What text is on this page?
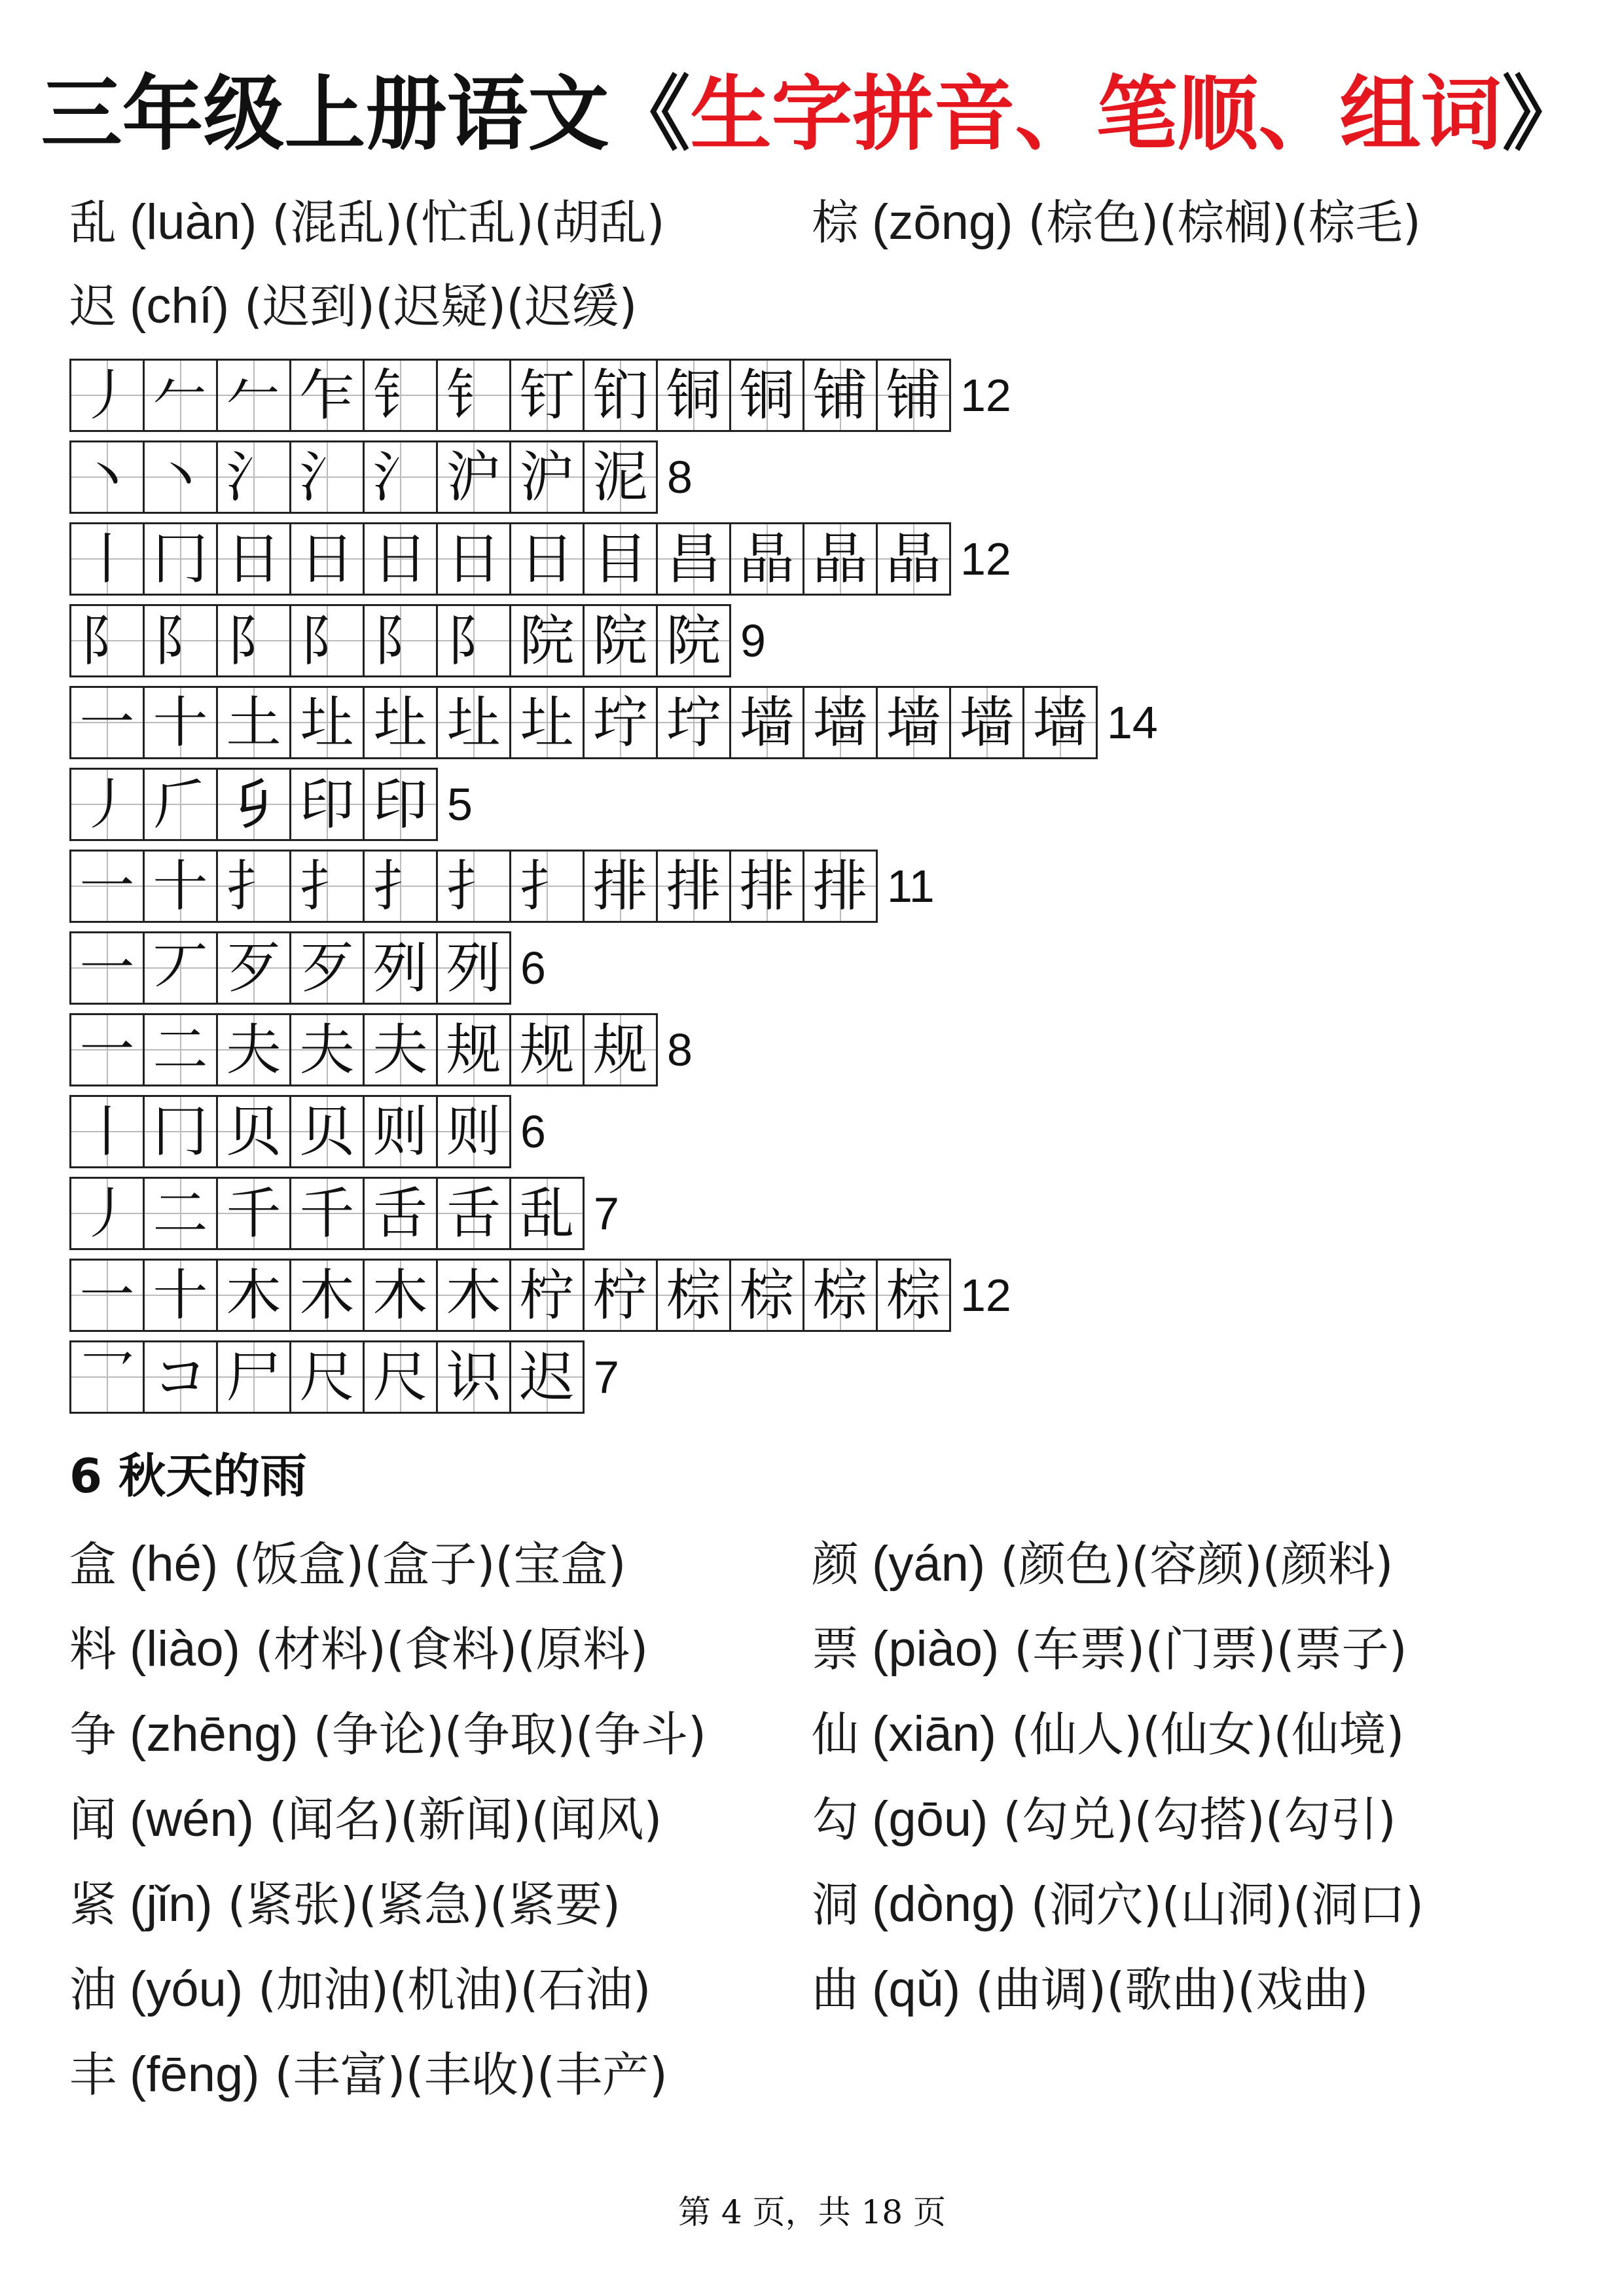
三年级上册语文《生字拼音、笔顺、组词》
乱 (luàn) (混乱)(忙乱)(胡乱)	棕 (zōng) (棕色)(棕榈)(棕毛)
迟 (chí) (迟到)(迟疑)(迟缓)
丿 𠂉 𠂉 乍 钅 钅 钉 钔 铜 铜 铺 铺 12
丶 丶 氵 氵 氵 沪 沪 泥 8
丨 冂 日 日 日 日 日 目 昌 晶 晶 晶 12
阝 阝 阝 阝 阝 阝 院 院 院 9
一 十 土 圵 圵 圵 圵 坾 坾 墙 墙 墙 墙 墙 14
丿 𠂆 𠂎 印 印 5
一 十 扌 扌 扌 扌 扌 排 排 排 排 11
一 丆 歹 歹 列 列 6
一 二 夫 夫 夫 规 规 规 8
丨 冂 贝 贝 则 则 6
丿 二 千 千 舌 舌 乱 7
一 十 木 木 木 木 柠 柠 棕 棕 棕 棕 12
乛 コ 尸 尺 尺 识 迟 7
6 秋天的雨
盒 (hé) (饭盒)(盒子)(宝盒)	颜 (yán) (颜色)(容颜)(颜料)
料 (liào) (材料)(食料)(原料)	票 (piào) (车票)(门票)(票子)
争 (zhēng) (争论)(争取)(争斗) 仙 (xiān) (仙人)(仙女)(仙境)
闻 (wén) (闻名)(新闻)(闻风)	勾 (gōu) (勾兑)(勾搭)(勾引)
紧 (jǐn) (紧张)(紧急)(紧要)	洞 (dòng) (洞穴)(山洞)(洞口)
油 (yóu) (加油)(机油)(石油)	曲 (qǔ) (曲调)(歌曲)(戏曲)
丰 (fēng) (丰富)(丰收)(丰产)
第 4 页，共 18 页
